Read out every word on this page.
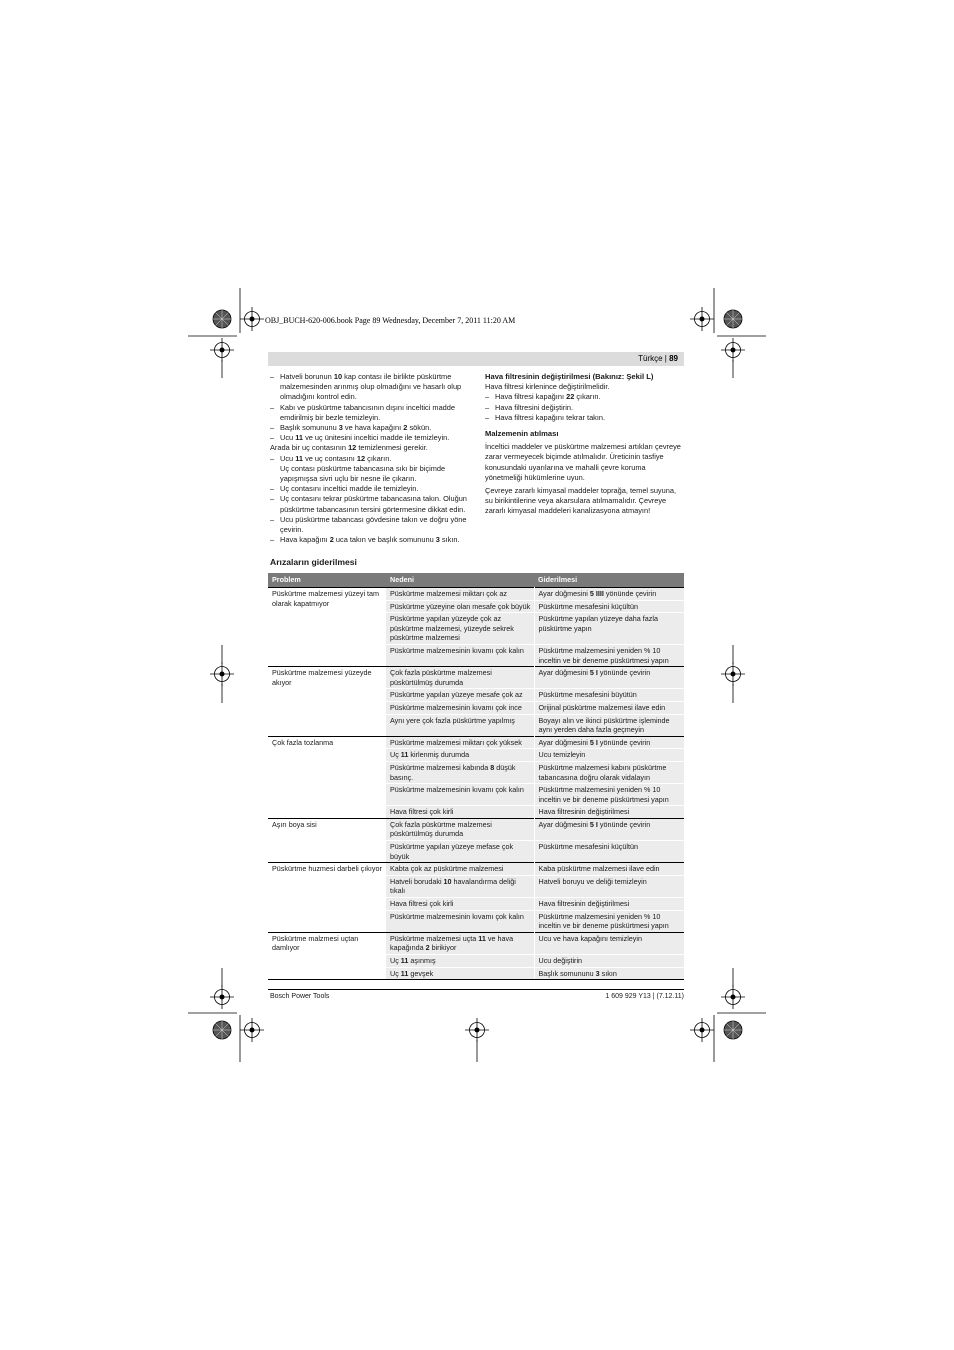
OBJ_BUCH-620-006.book Page 89 Wednesday, December 7, 2011 11:20 AM
Türkçe | 89

– Hatveli borunun 10 kap contası ile birlikte püskürtme malzemesinden arınmış olup olmadığını ve hasarlı olup olmadığını kontrol edin.

– Kabı ve püskürtme tabancısının dışını inceltici madde emdirilmiş bir bezle temizleyin.

– Başlık somununu 3 ve hava kapağını 2 sökün.

– Ucu 11 ve uç ünitesini inceltici madde ile temizleyin.

Arada bir uç contasının 12 temizlenmesi gerekir.

– Ucu 11 ve uç contasını 12 çıkarın.

Uç contası püskürtme tabancasına sıkı bir biçimde yapışmışsa sivri uçlu bir nesne ile çıkarın.

– Uç contasını inceltici madde ile temizleyin.

– Uç contasını tekrar püskürtme tabancasına takın. Oluğun püskürtme tabancasının tersini görtermesine dikkat edin.

– Ucu püskürtme tabancası gövdesine takın ve doğru yöne çevirin.

– Hava kapağını 2 uca takın ve başlık somununu 3 sıkın.

Hava filtresinin değiştirilmesi (Bakınız: Şekil L)

Hava filtresi kirlenince değiştirilmelidir.

– Hava filtresi kapağını 22 çıkarın.

– Hava filtresini değiştirin.

– Hava filtresi kapağını tekrar takın.

Malzemenin atılması

İnceltici maddeler ve püskürtme malzemesi artıkları çevreye zarar vermeyecek biçimde atılmalıdır. Üreticinin tasfiye konusundaki uyarılarına ve mahalli çevre koruma yönetmeliği hükümlerine uyun.

Çevreye zararlı kimyasal maddeler toprağa, temel suyuna, su birikintilerine veya akarsulara atılmamalıdır. Çevreye zararlı kimyasal maddeleri kanalizasyona atmayın!

Arızaların giderilmesi
Problem	Nedeni	Giderilmesi
Püskürtme malzemesi yüzeyi tam olarak kapatmıyor	Püskürtme malzemesi miktarı çok az	Ayar düğmesini 5 IIII yönünde çevirin
	Püskürtme yüzeyine olan mesafe çok büyük	Püskürtme mesafesini küçültün
	Püskürtme yapılan yüzeyde çok az püskürtme malzemesi, yüzeyde sekrek püskürtme malzemesi	Püskürtme yapılan yüzeye daha fazla püskürtme yapın
	Püskürtme malzemesinin kıvamı çok kalın	Püskürtme malzemesini yeniden % 10 inceltin ve bir deneme püskürtmesi yapın
Püskürtme malzemesi yüzeyde akıyor	Çok fazla püskürtme malzemesi püskürtülmüş durumda	Ayar düğmesini 5 I yönünde çevirin
	Püskürtme yapılan yüzeye mesafe çok az	Püskürtme mesafesini büyütün
	Püskürtme malzemesinin kıvamı çok ince	Orijinal püskürtme malzemesi ilave edin
	Aynı yere çok fazla püskürtme yapılmış	Boyayı alın ve ikinci püskürtme işleminde aynı yerden daha fazla geçmeyin
Çok fazla tozlanma	Püskürtme malzemesi miktarı çok yüksek	Ayar düğmesini 5 I yönünde çevirin
	Uç 11 kirlenmiş durumda	Ucu temizleyin
	Püskürtme malzemesi kabında 8 düşük basınç.	Püskürtme malzemesi kabını püskürtme tabancasına doğru olarak vidalayın
	Püskürtme malzemesinin kıvamı çok kalın	Püskürtme malzemesini yeniden % 10 inceltin ve bir deneme püskürtmesi yapın
	Hava filtresi çok kirli	Hava filtresinin değiştirilmesi
Aşırı boya sisi	Çok fazla püskürtme malzemesi püskürtülmüş durumda	Ayar düğmesini 5 I yönünde çevirin
	Püskürtme yapılan yüzeye mefase çok büyük	Püskürtme mesafesini küçültün
Püskürtme huzmesi darbeli çıkıyor	Kabta çok az püskürtme malzemesi	Kaba püskürtme malzemesi ilave edin
	Hatveli borudaki 10 havalandırma deliği tıkalı	Hatveli boruyu ve deliği temizleyin
	Hava filtresi çok kirli	Hava filtresinin değiştirilmesi
	Püskürtme malzemesinin kıvamı çok kalın	Püskürtme malzemesini yeniden % 10 inceltin ve bir deneme püskürtmesi yapın
Püskürtme malzmesi uçtan damlıyor	Püskürtme malzemesi uçta 11 ve hava kapağında 2 birikiyor	Ucu ve hava kapağını temizleyin
	Uç 11 aşınmış	Ucu değiştirin
	Uç 11 gevşek	Başlık somununu 3 sıkın
Bosch Power Tools	1 609 929 Y13 | (7.12.11)
